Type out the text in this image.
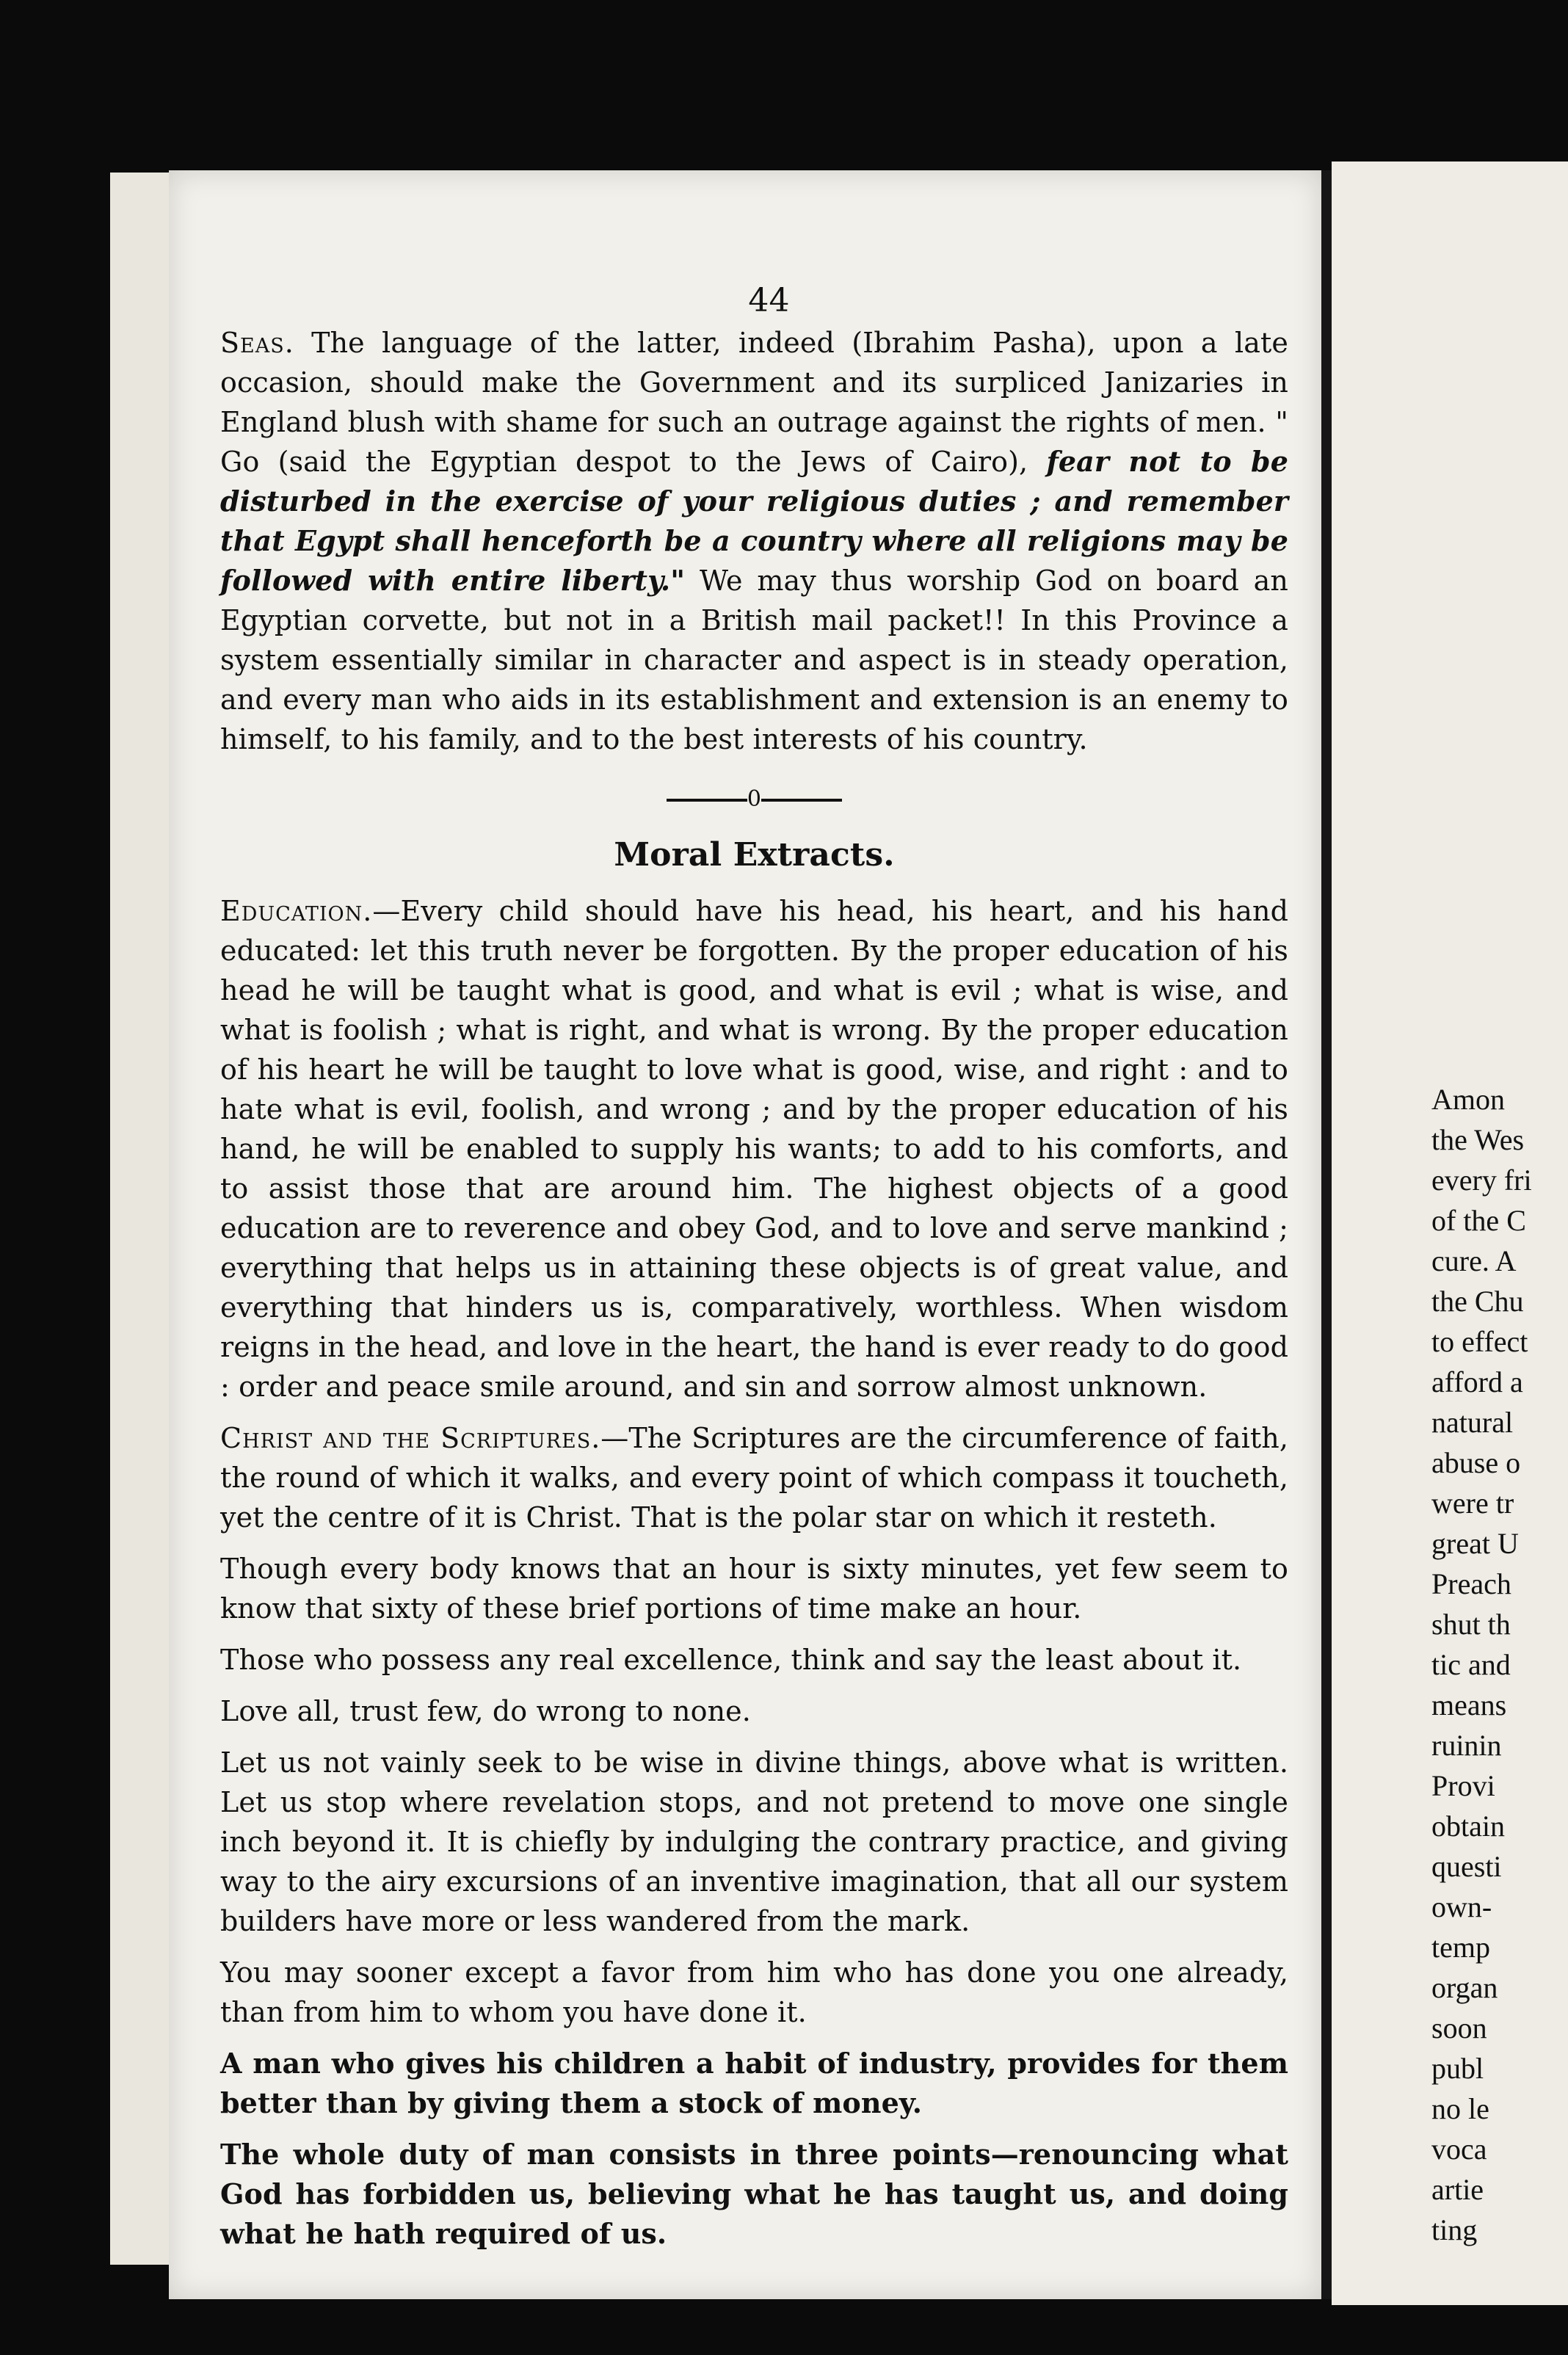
Amon
the Wes
every fri
of the C
cure. A
the Chu
to effect
afford a
natural
abuse o
were tr
great U
Preach
shut th
tic and
means
ruinin
Provi
obtain
questi
own-
temp
organ
soon
publ
no le
voca
artie
ting
44

Seas. The language of the latter, indeed (Ibrahim Pasha), upon a late occasion, should make the Government and its surpliced Janizaries in England blush with shame for such an outrage against the rights of men. " Go (said the Egyptian despot to the Jews of Cairo), fear not to be disturbed in the exercise of your religious duties ; and remember that Egypt shall henceforth be a country where all religions may be followed with entire liberty." We may thus worship God on board an Egyptian corvette, but not in a British mail packet!! In this Province a system essentially similar in character and aspect is in steady operation, and every man who aids in its establishment and extension is an enemy to himself, to his family, and to the best interests of his country.

0
Moral Extracts.

Education.—Every child should have his head, his heart, and his hand educated: let this truth never be forgotten. By the proper education of his head he will be taught what is good, and what is evil ; what is wise, and what is foolish ; what is right, and what is wrong. By the proper education of his heart he will be taught to love what is good, wise, and right : and to hate what is evil, foolish, and wrong ; and by the proper education of his hand, he will be enabled to supply his wants; to add to his comforts, and to assist those that are around him. The highest objects of a good education are to reverence and obey God, and to love and serve mankind ; everything that helps us in attaining these objects is of great value, and everything that hinders us is, comparatively, worthless. When wisdom reigns in the head, and love in the heart, the hand is ever ready to do good : order and peace smile around, and sin and sorrow almost unknown.

Christ and the Scriptures.—The Scriptures are the circumference of faith, the round of which it walks, and every point of which compass it toucheth, yet the centre of it is Christ. That is the polar star on which it resteth.

Though every body knows that an hour is sixty minutes, yet few seem to know that sixty of these brief portions of time make an hour.

Those who possess any real excellence, think and say the least about it.

Love all, trust few, do wrong to none.

Let us not vainly seek to be wise in divine things, above what is written. Let us stop where revelation stops, and not pretend to move one single inch beyond it. It is chiefly by indulging the contrary practice, and giving way to the airy excursions of an inventive imagination, that all our system builders have more or less wandered from the mark.

You may sooner except a favor from him who has done you one already, than from him to whom you have done it.

A man who gives his children a habit of industry, provides for them better than by giving them a stock of money.

The whole duty of man consists in three points—renouncing what God has forbidden us, believing what he has taught us, and doing what he hath required of us.
